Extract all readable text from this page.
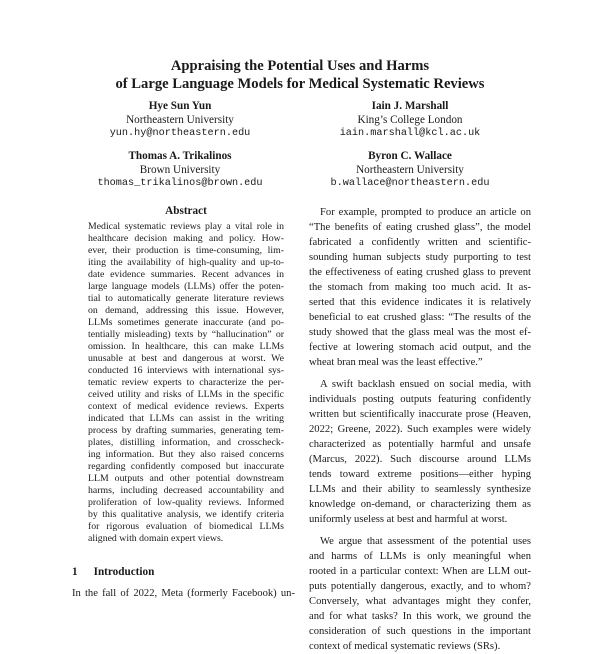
Appraising the Potential Uses and Harms
of Large Language Models for Medical Systematic Reviews
Hye Sun Yun
Northeastern University
yun.hy@northeastern.edu
Iain J. Marshall
King’s College London
iain.marshall@kcl.ac.uk
Thomas A. Trikalinos
Brown University
thomas_trikalinos@brown.edu
Byron C. Wallace
Northeastern University
b.wallace@northeastern.edu
Abstract
Medical systematic reviews play a vital role in
healthcare decision making and policy. How-
ever, their production is time-consuming, lim-
iting the availability of high-quality and up-to-
date evidence summaries. Recent advances in
large language models (LLMs) offer the poten-
tial to automatically generate literature reviews
on demand, addressing this issue. However,
LLMs sometimes generate inaccurate (and po-
tentially misleading) texts by “hallucination” or
omission. In healthcare, this can make LLMs
unusable at best and dangerous at worst. We
conducted 16 interviews with international sys-
tematic review experts to characterize the per-
ceived utility and risks of LLMs in the specific
context of medical evidence reviews. Experts
indicated that LLMs can assist in the writing
process by drafting summaries, generating tem-
plates, distilling information, and crosscheck-
ing information. But they also raised concerns
regarding confidently composed but inaccurate
LLM outputs and other potential downstream
harms, including decreased accountability and
proliferation of low-quality reviews. Informed
by this qualitative analysis, we identify criteria
for rigorous evaluation of biomedical LLMs
aligned with domain expert views.
1 Introduction
In the fall of 2022, Meta (formerly Facebook) un-
For example, prompted to produce an article on
“The benefits of eating crushed glass”, the model
fabricated a confidently written and scientific-
sounding human subjects study purporting to test
the effectiveness of eating crushed glass to prevent
the stomach from making too much acid. It as-
serted that this evidence indicates it is relatively
beneficial to eat crushed glass: “The results of the
study showed that the glass meal was the most ef-
fective at lowering stomach acid output, and the
wheat bran meal was the least effective.”
A swift backlash ensued on social media, with
individuals posting outputs featuring confidently
written but scientifically inaccurate prose (Heaven,
2022; Greene, 2022). Such examples were widely
characterized as potentially harmful and unsafe
(Marcus, 2022). Such discourse around LLMs
tends toward extreme positions—either hyping
LLMs and their ability to seamlessly synthesize
knowledge on-demand, or characterizing them as
uniformly useless at best and harmful at worst.
We argue that assessment of the potential uses
and harms of LLMs is only meaningful when
rooted in a particular context: When are LLM out-
puts potentially dangerous, exactly, and to whom?
Conversely, what advantages might they confer,
and for what tasks? In this work, we ground the
consideration of such questions in the important
context of medical systematic reviews (SRs).
